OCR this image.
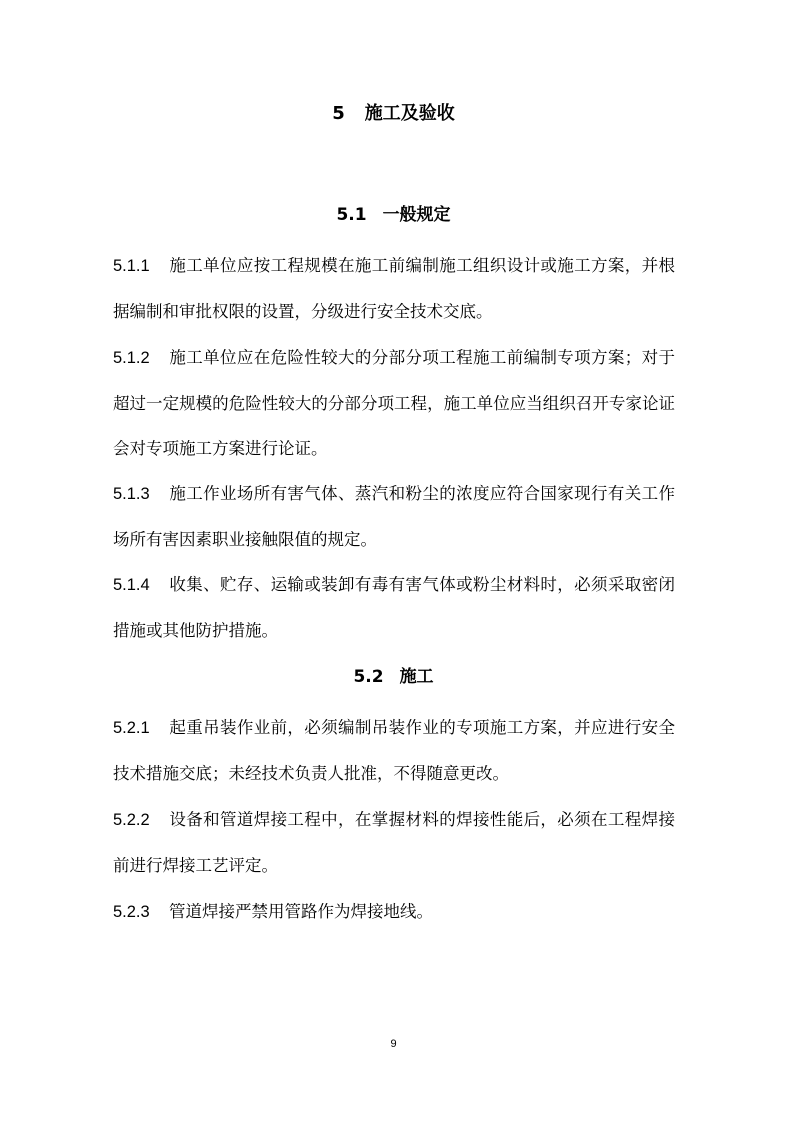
5 施工及验收
5.1 一般规定

5.1.1 施工单位应按工程规模在施工前编制施工组织设计或施工方案，并根据编制和审批权限的设置，分级进行安全技术交底。

5.1.2 施工单位应在危险性较大的分部分项工程施工前编制专项方案；对于超过一定规模的危险性较大的分部分项工程，施工单位应当组织召开专家论证会对专项施工方案进行论证。

5.1.3 施工作业场所有害气体、蒸汽和粉尘的浓度应符合国家现行有关工作场所有害因素职业接触限值的规定。

5.1.4 收集、贮存、运输或装卸有毒有害气体或粉尘材料时，必须采取密闭措施或其他防护措施。

5.2 施工

5.2.1 起重吊装作业前，必须编制吊装作业的专项施工方案，并应进行安全技术措施交底；未经技术负责人批准，不得随意更改。

5.2.2 设备和管道焊接工程中，在掌握材料的焊接性能后，必须在工程焊接前进行焊接工艺评定。

5.2.3 管道焊接严禁用管路作为焊接地线。

9
